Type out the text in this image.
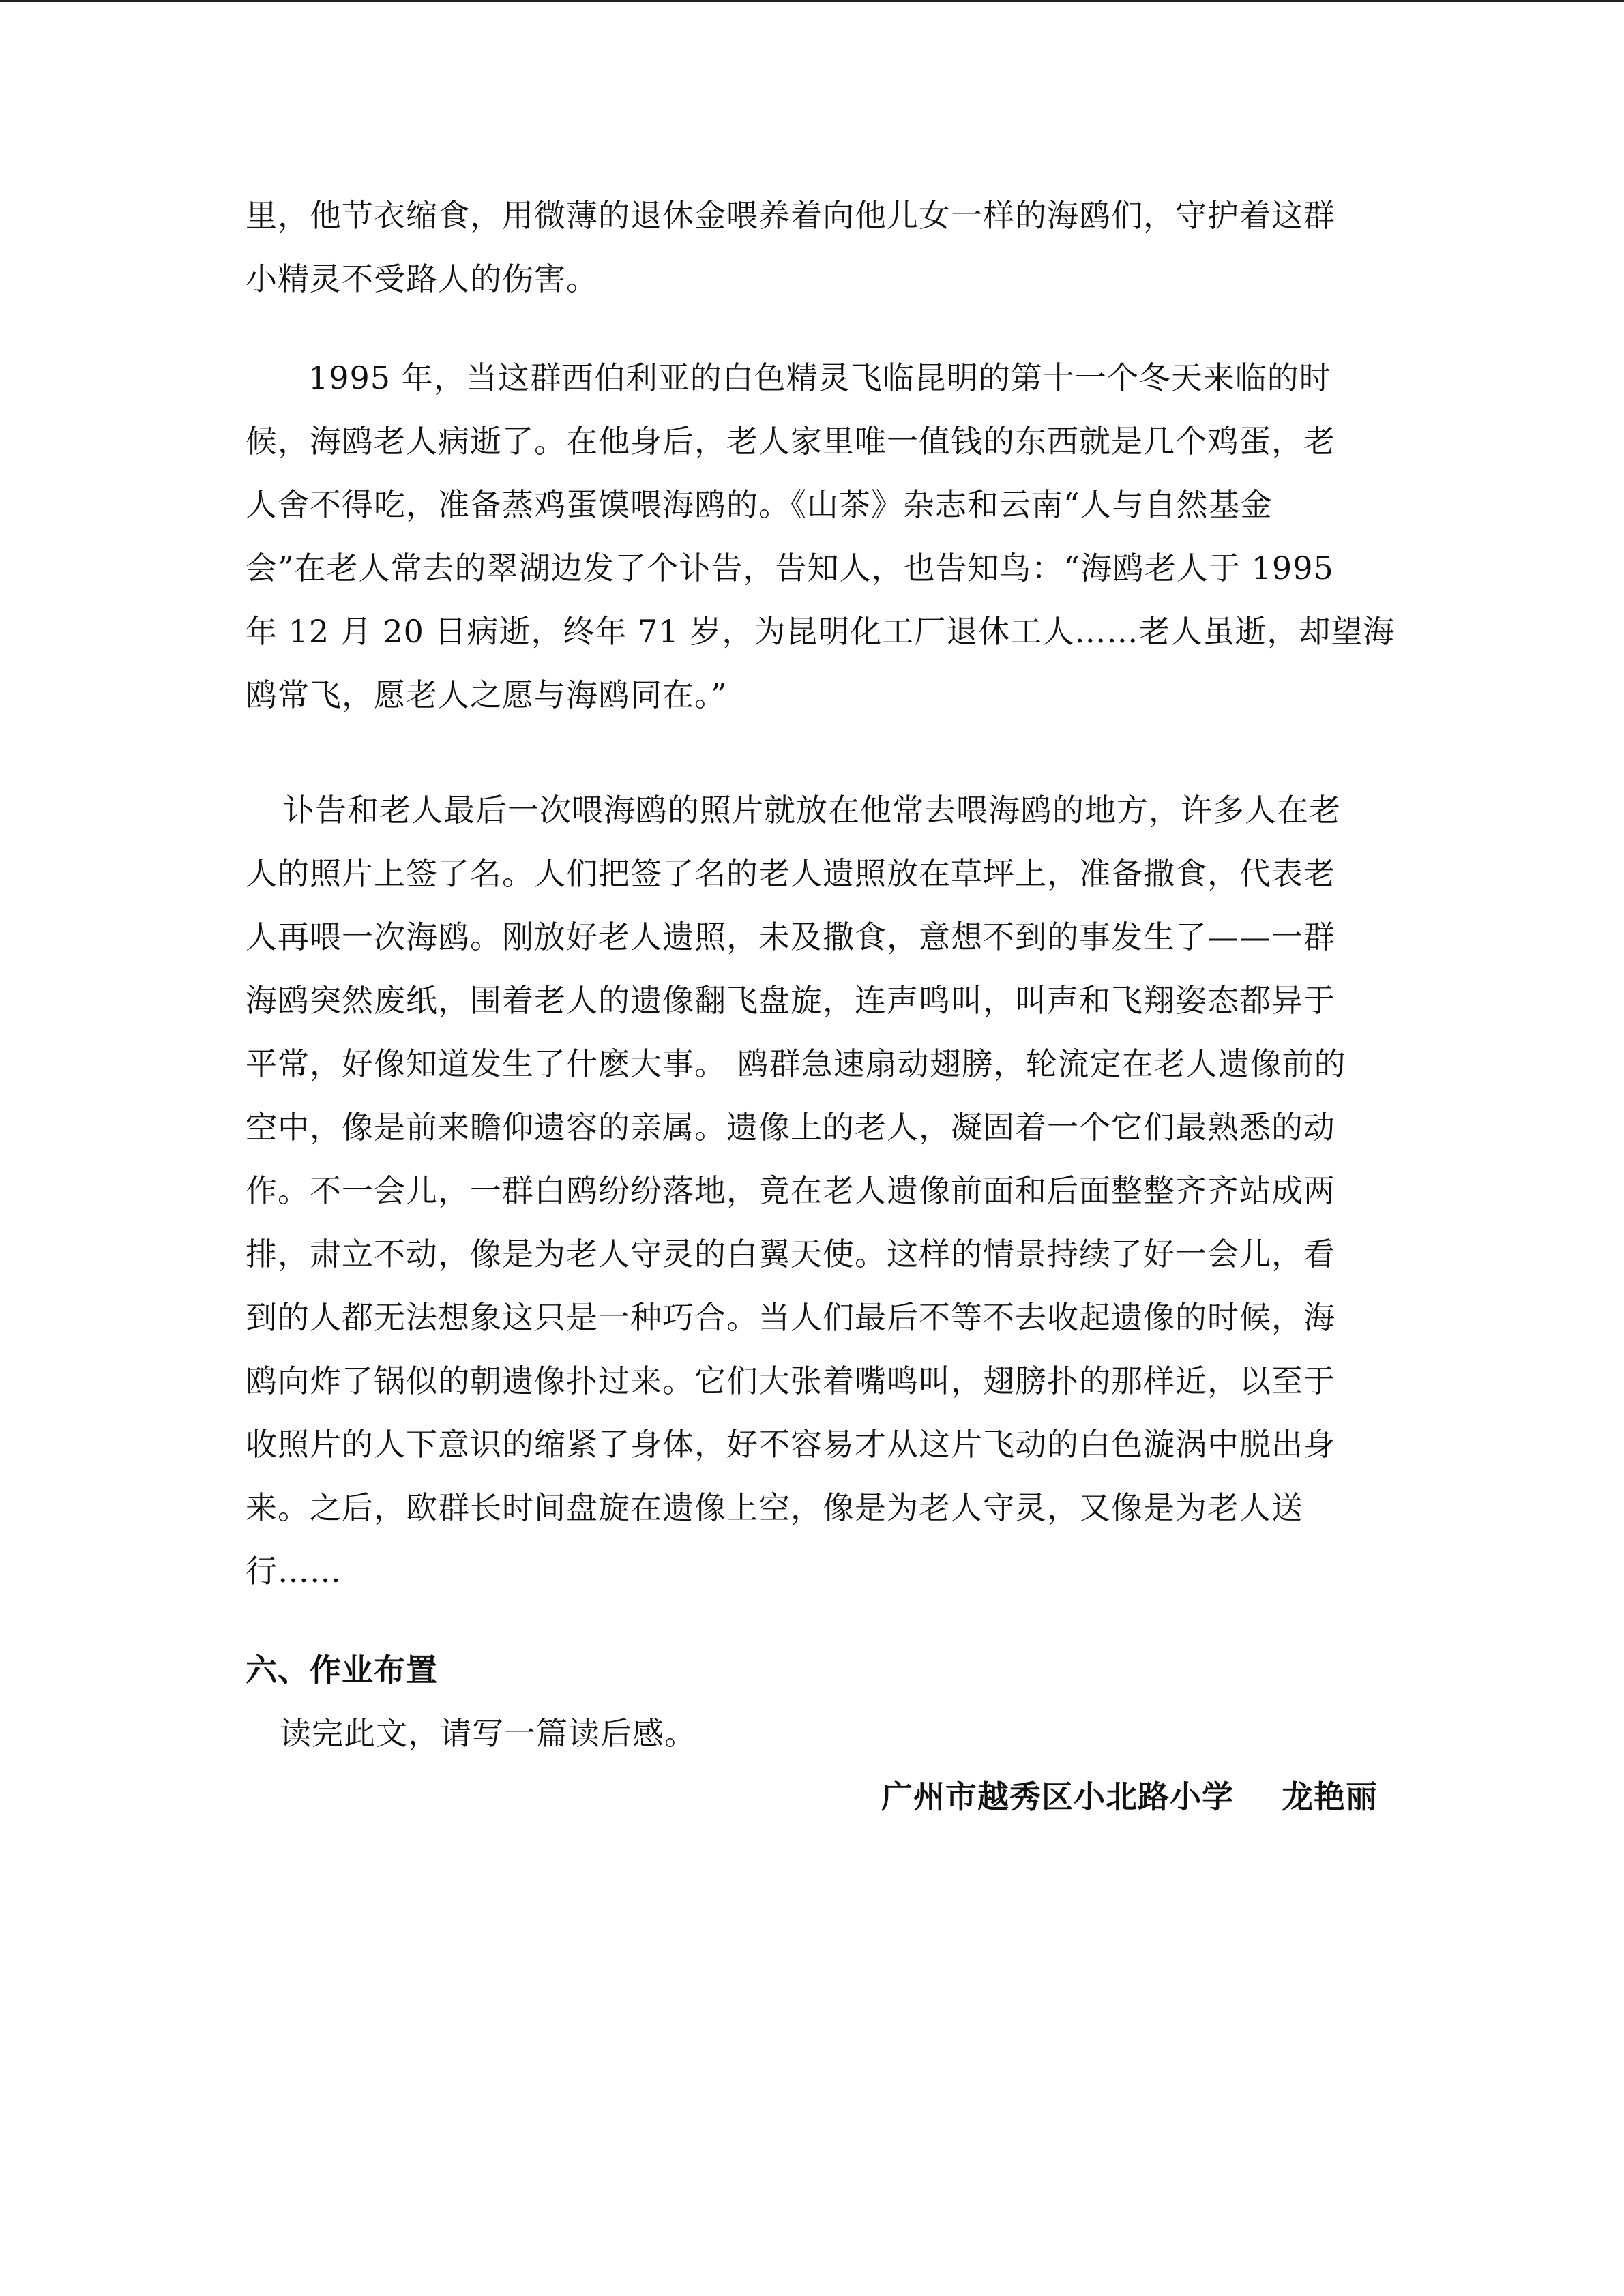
里，他节衣缩食，用微薄的退休金喂养着向他儿女一样的海鸥们，守护着这群
小精灵不受路人的伤害。
1995 年，当这群西伯利亚的白色精灵飞临昆明的第十一个冬天来临的时
候，海鸥老人病逝了。在他身后，老人家里唯一值钱的东西就是几个鸡蛋，老
人舍不得吃，准备蒸鸡蛋馍喂海鸥的。《山茶》杂志和云南“人与自然基金
会”在老人常去的翠湖边发了个讣告，告知人，也告知鸟：“海鸥老人于 1995
年 12 月 20 日病逝，终年 71 岁，为昆明化工厂退休工人……老人虽逝，却望海
鸥常飞，愿老人之愿与海鸥同在。”
讣告和老人最后一次喂海鸥的照片就放在他常去喂海鸥的地方，许多人在老
人的照片上签了名。人们把签了名的老人遗照放在草坪上，准备撒食，代表老
人再喂一次海鸥。刚放好老人遗照，未及撒食，意想不到的事发生了——一群
海鸥突然废纸，围着老人的遗像翻飞盘旋，连声鸣叫，叫声和飞翔姿态都异于
平常，好像知道发生了什麽大事。 鸥群急速扇动翅膀，轮流定在老人遗像前的
空中，像是前来瞻仰遗容的亲属。遗像上的老人，凝固着一个它们最熟悉的动
作。不一会儿，一群白鸥纷纷落地，竟在老人遗像前面和后面整整齐齐站成两
排，肃立不动，像是为老人守灵的白翼天使。这样的情景持续了好一会儿，看
到的人都无法想象这只是一种巧合。当人们最后不等不去收起遗像的时候，海
鸥向炸了锅似的朝遗像扑过来。它们大张着嘴鸣叫，翅膀扑的那样近，以至于
收照片的人下意识的缩紧了身体，好不容易才从这片飞动的白色漩涡中脱出身
来。之后，欧群长时间盘旋在遗像上空，像是为老人守灵，又像是为老人送
行……
六、作业布置
读完此文，请写一篇读后感。
广州市越秀区小北路小学 龙艳丽
